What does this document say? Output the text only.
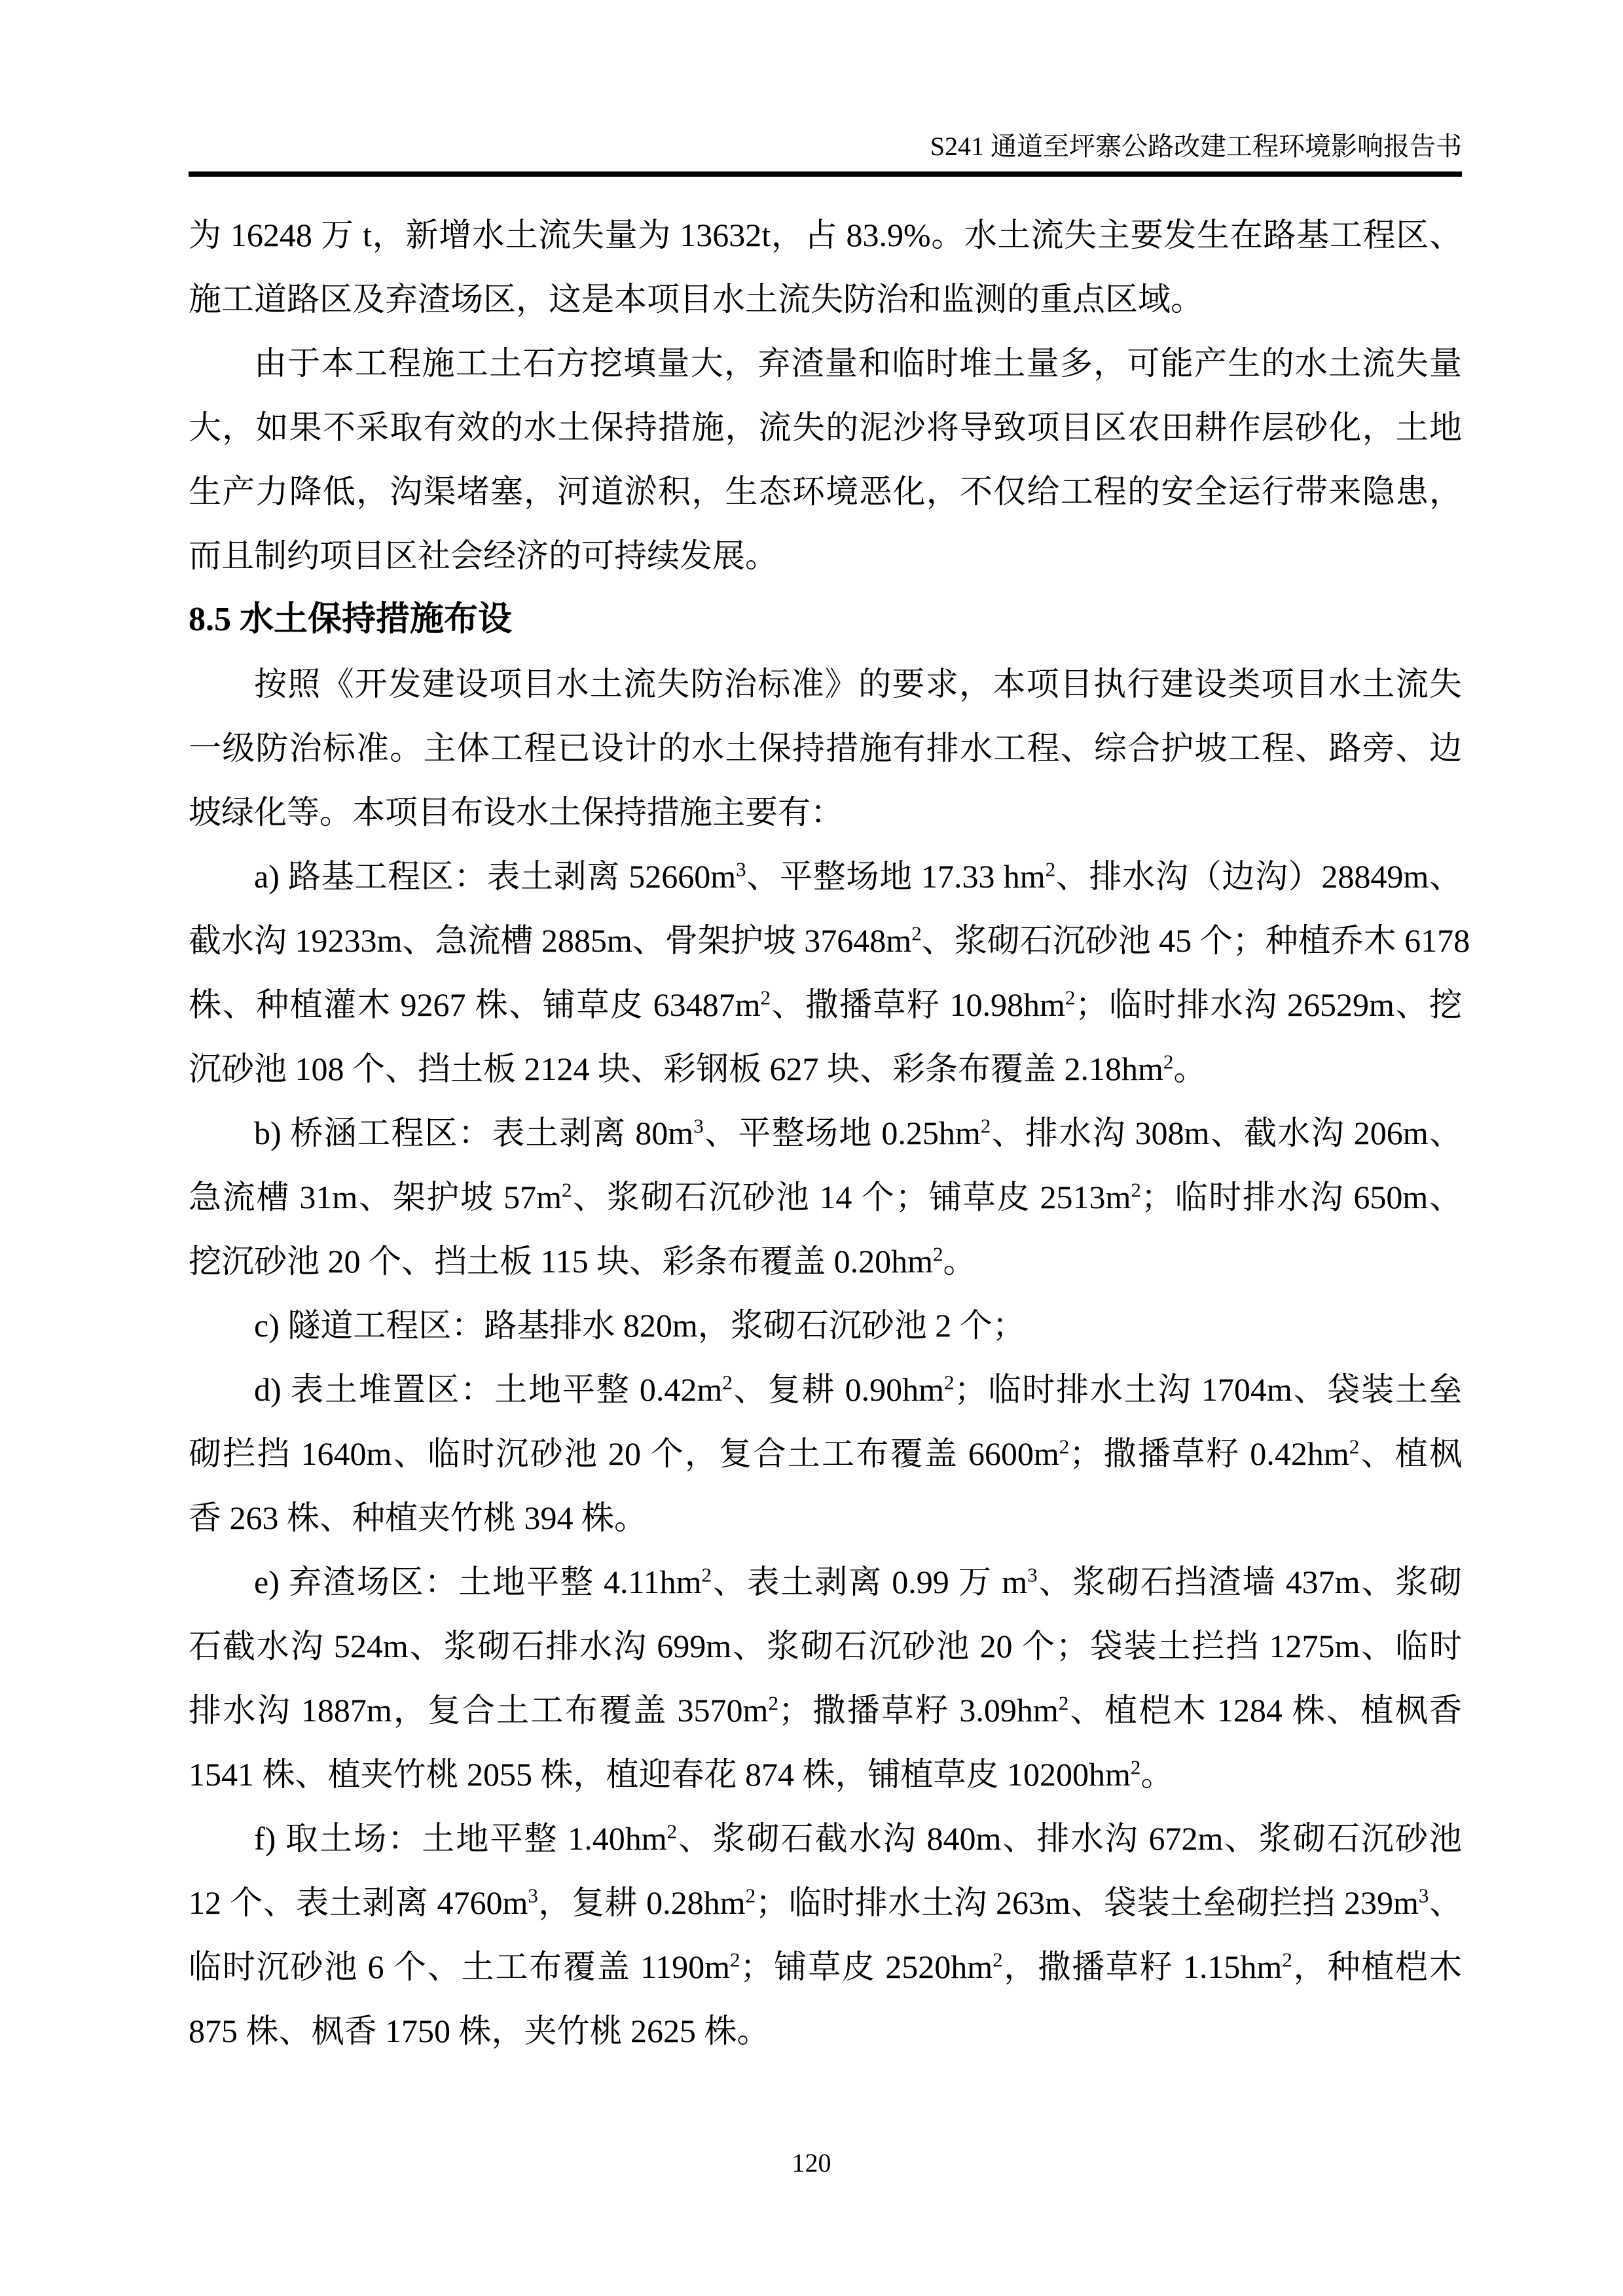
S241 通道至坪寨公路改建工程环境影响报告书
为 16248 万 t，新增水土流失量为 13632t，占 83.9%。水土流失主要发生在路基工程区、
施工道路区及弃渣场区，这是本项目水土流失防治和监测的重点区域。
由于本工程施工土石方挖填量大，弃渣量和临时堆土量多，可能产生的水土流失量
大，如果不采取有效的水土保持措施，流失的泥沙将导致项目区农田耕作层砂化，土地
生产力降低，沟渠堵塞，河道淤积，生态环境恶化，不仅给工程的安全运行带来隐患，
而且制约项目区社会经济的可持续发展。
8.5 水土保持措施布设
按照《开发建设项目水土流失防治标准》的要求，本项目执行建设类项目水土流失
一级防治标准。主体工程已设计的水土保持措施有排水工程、综合护坡工程、路旁、边
坡绿化等。本项目布设水土保持措施主要有：
a) 路基工程区：表土剥离 $52660m^3$、平整场地 17.33 $hm^2$、排水沟（边沟）28849m、
截水沟 19233m、急流槽 2885m、骨架护坡 $37648m^2$、浆砌石沉砂池 45 个；种植乔木 6178
株、种植灌木 9267 株、铺草皮 $63487m^2$、撒播草籽 $10.98hm^2$；临时排水沟 26529m、挖
沉砂池 108 个、挡土板 2124 块、彩钢板 627 块、彩条布覆盖 $2.18hm^2$。
b) 桥涵工程区：表土剥离 $80m^3$、平整场地 $0.25hm^2$、排水沟 308m、截水沟 206m、
急流槽 31m、架护坡 $57m^2$、浆砌石沉砂池 14 个；铺草皮 $2513m^2$；临时排水沟 650m、
挖沉砂池 20 个、挡土板 115 块、彩条布覆盖 $0.20hm^2$。
c) 隧道工程区：路基排水 820m，浆砌石沉砂池 2 个；
d) 表土堆置区：土地平整 $0.42m^2$、复耕 $0.90hm^2$；临时排水土沟 1704m、袋装土垒
砌拦挡 1640m、临时沉砂池 20 个，复合土工布覆盖 $6600m^2$；撒播草籽 $0.42hm^2$、植枫
香 263 株、种植夹竹桃 394 株。
e) 弃渣场区：土地平整 $4.11hm^2$、表土剥离 0.99 万 $m^3$、浆砌石挡渣墙 437m、浆砌
石截水沟 524m、浆砌石排水沟 699m、浆砌石沉砂池 20 个；袋装土拦挡 1275m、临时
排水沟 1887m，复合土工布覆盖 $3570m^2$；撒播草籽 $3.09hm^2$、植桤木 1284 株、植枫香
1541 株、植夹竹桃 2055 株，植迎春花 874 株，铺植草皮 $10200hm^2$。
f) 取土场：土地平整 $1.40hm^2$、浆砌石截水沟 840m、排水沟 672m、浆砌石沉砂池
12 个、表土剥离 $4760m^3$，复耕 $0.28hm^2$；临时排水土沟 263m、袋装土垒砌拦挡 $239m^3$、
临时沉砂池 6 个、土工布覆盖 $1190m^2$；铺草皮 $2520hm^2$，撒播草籽 $1.15hm^2$，种植桤木
875 株、枫香 1750 株，夹竹桃 2625 株。
120
